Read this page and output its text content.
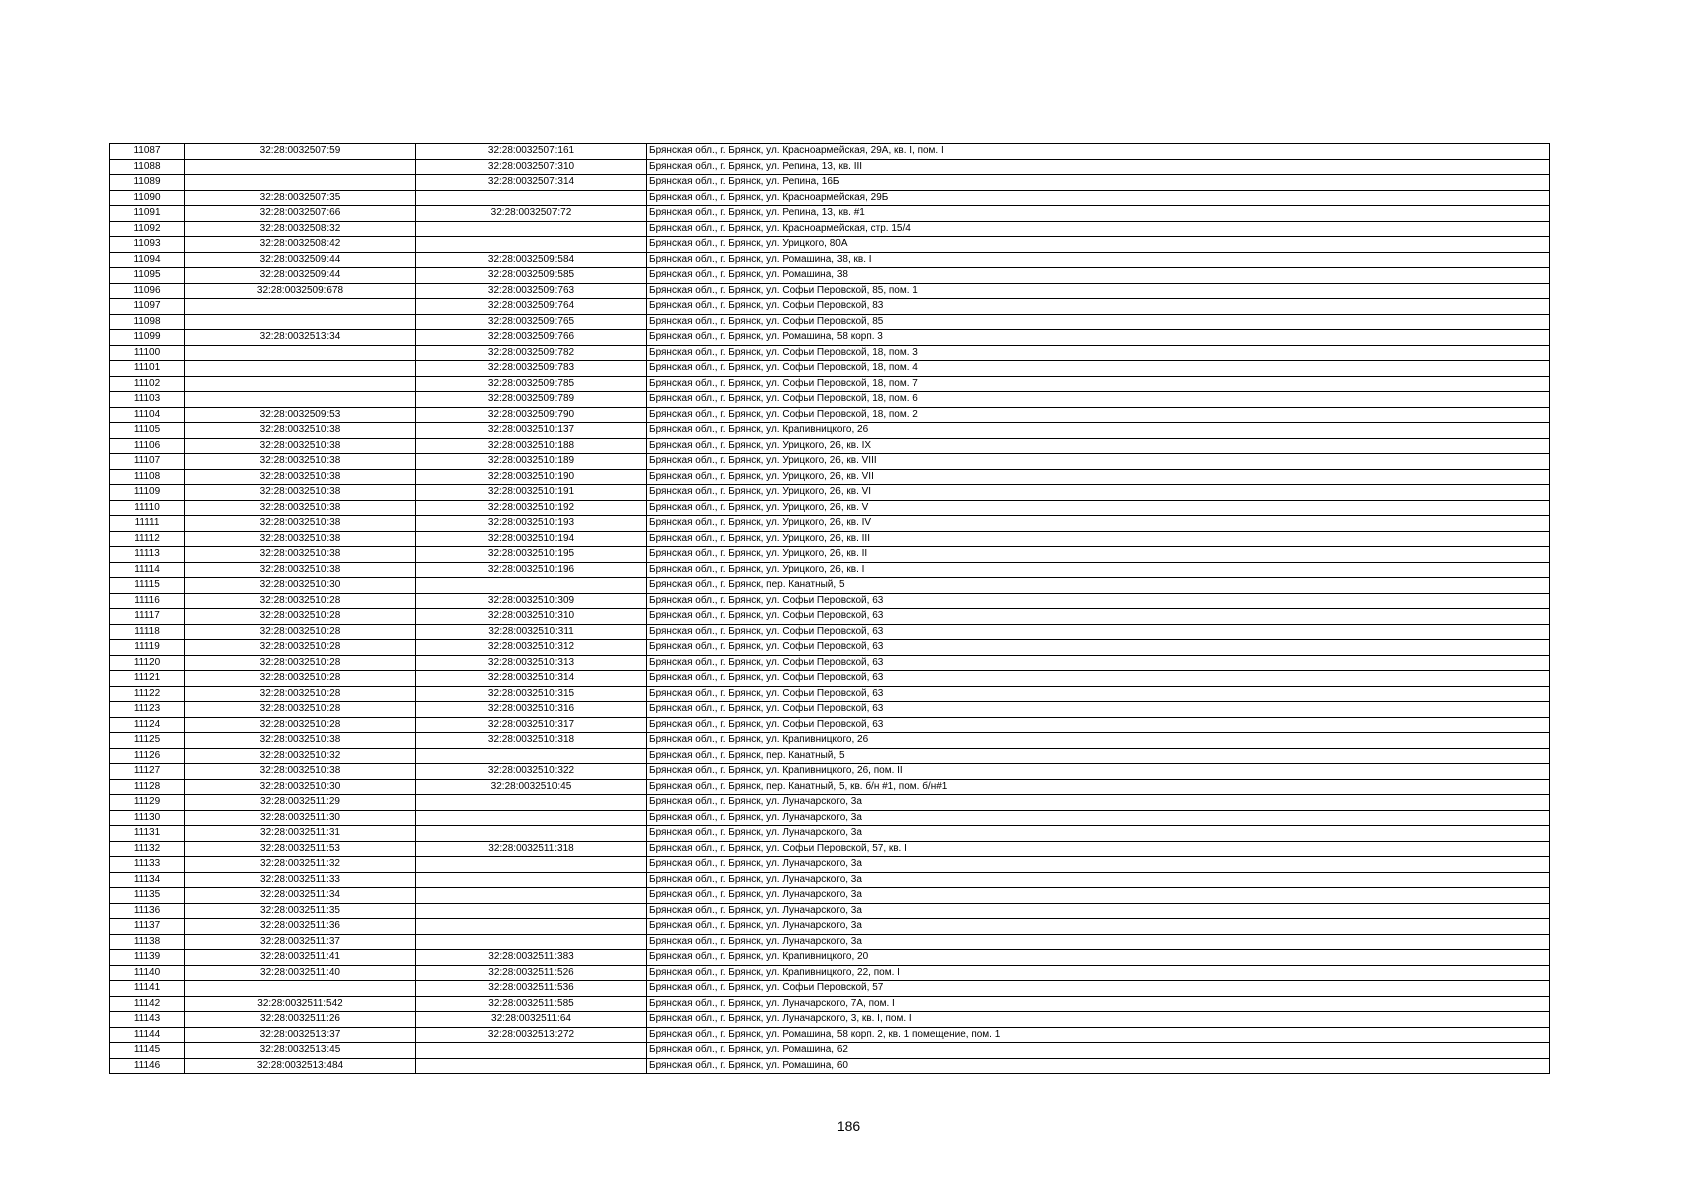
11087	32:28:0032507:59	32:28:0032507:161	Брянская обл., г. Брянск, ул. Красноармейская, 29А, кв. I, пом. I
11088		32:28:0032507:310	Брянская обл., г. Брянск, ул. Репина, 13, кв. III
11089		32:28:0032507:314	Брянская обл., г. Брянск, ул. Репина, 16Б
11090	32:28:0032507:35		Брянская обл., г. Брянск, ул. Красноармейская, 29Б
11091	32:28:0032507:66	32:28:0032507:72	Брянская обл., г. Брянск, ул. Репина, 13, кв. #1
11092	32:28:0032508:32		Брянская обл., г. Брянск, ул. Красноармейская, стр. 15/4
11093	32:28:0032508:42		Брянская обл., г. Брянск, ул. Урицкого, 80А
11094	32:28:0032509:44	32:28:0032509:584	Брянская обл., г. Брянск, ул. Ромашина, 38, кв. I
11095	32:28:0032509:44	32:28:0032509:585	Брянская обл., г. Брянск, ул. Ромашина, 38
11096	32:28:0032509:678	32:28:0032509:763	Брянская обл., г. Брянск, ул. Софьи Перовской, 85, пом. 1
11097		32:28:0032509:764	Брянская обл., г. Брянск, ул. Софьи Перовской, 83
11098		32:28:0032509:765	Брянская обл., г. Брянск, ул. Софьи Перовской, 85
11099	32:28:0032513:34	32:28:0032509:766	Брянская обл., г. Брянск, ул. Ромашина, 58 корп. 3
11100		32:28:0032509:782	Брянская обл., г. Брянск, ул. Софьи Перовской, 18, пом. 3
11101		32:28:0032509:783	Брянская обл., г. Брянск, ул. Софьи Перовской, 18, пом. 4
11102		32:28:0032509:785	Брянская обл., г. Брянск, ул. Софьи Перовской, 18, пом. 7
11103		32:28:0032509:789	Брянская обл., г. Брянск, ул. Софьи Перовской, 18, пом. 6
11104	32:28:0032509:53	32:28:0032509:790	Брянская обл., г. Брянск, ул. Софьи Перовской, 18, пом. 2
11105	32:28:0032510:38	32:28:0032510:137	Брянская обл., г. Брянск, ул. Крапивницкого, 26
11106	32:28:0032510:38	32:28:0032510:188	Брянская обл., г. Брянск, ул. Урицкого, 26, кв. IX
11107	32:28:0032510:38	32:28:0032510:189	Брянская обл., г. Брянск, ул. Урицкого, 26, кв. VIII
11108	32:28:0032510:38	32:28:0032510:190	Брянская обл., г. Брянск, ул. Урицкого, 26, кв. VII
11109	32:28:0032510:38	32:28:0032510:191	Брянская обл., г. Брянск, ул. Урицкого, 26, кв. VI
11110	32:28:0032510:38	32:28:0032510:192	Брянская обл., г. Брянск, ул. Урицкого, 26, кв. V
11111	32:28:0032510:38	32:28:0032510:193	Брянская обл., г. Брянск, ул. Урицкого, 26, кв. IV
11112	32:28:0032510:38	32:28:0032510:194	Брянская обл., г. Брянск, ул. Урицкого, 26, кв. III
11113	32:28:0032510:38	32:28:0032510:195	Брянская обл., г. Брянск, ул. Урицкого, 26, кв. II
11114	32:28:0032510:38	32:28:0032510:196	Брянская обл., г. Брянск, ул. Урицкого, 26, кв. I
11115	32:28:0032510:30		Брянская обл., г. Брянск, пер. Канатный, 5
11116	32:28:0032510:28	32:28:0032510:309	Брянская обл., г. Брянск, ул. Софьи Перовской, 63
11117	32:28:0032510:28	32:28:0032510:310	Брянская обл., г. Брянск, ул. Софьи Перовской, 63
11118	32:28:0032510:28	32:28:0032510:311	Брянская обл., г. Брянск, ул. Софьи Перовской, 63
11119	32:28:0032510:28	32:28:0032510:312	Брянская обл., г. Брянск, ул. Софьи Перовской, 63
11120	32:28:0032510:28	32:28:0032510:313	Брянская обл., г. Брянск, ул. Софьи Перовской, 63
11121	32:28:0032510:28	32:28:0032510:314	Брянская обл., г. Брянск, ул. Софьи Перовской, 63
11122	32:28:0032510:28	32:28:0032510:315	Брянская обл., г. Брянск, ул. Софьи Перовской, 63
11123	32:28:0032510:28	32:28:0032510:316	Брянская обл., г. Брянск, ул. Софьи Перовской, 63
11124	32:28:0032510:28	32:28:0032510:317	Брянская обл., г. Брянск, ул. Софьи Перовской, 63
11125	32:28:0032510:38	32:28:0032510:318	Брянская обл., г. Брянск, ул. Крапивницкого, 26
11126	32:28:0032510:32		Брянская обл., г. Брянск, пер. Канатный, 5
11127	32:28:0032510:38	32:28:0032510:322	Брянская обл., г. Брянск, ул. Крапивницкого, 26, пом. II
11128	32:28:0032510:30	32:28:0032510:45	Брянская обл., г. Брянск, пер. Канатный, 5, кв. б/н #1, пом. б/н#1
11129	32:28:0032511:29		Брянская обл., г. Брянск, ул. Луначарского, 3а
11130	32:28:0032511:30		Брянская обл., г. Брянск, ул. Луначарского, 3а
11131	32:28:0032511:31		Брянская обл., г. Брянск, ул. Луначарского, 3а
11132	32:28:0032511:53	32:28:0032511:318	Брянская обл., г. Брянск, ул. Софьи Перовской, 57, кв. I
11133	32:28:0032511:32		Брянская обл., г. Брянск, ул. Луначарского, 3а
11134	32:28:0032511:33		Брянская обл., г. Брянск, ул. Луначарского, 3а
11135	32:28:0032511:34		Брянская обл., г. Брянск, ул. Луначарского, 3а
11136	32:28:0032511:35		Брянская обл., г. Брянск, ул. Луначарского, 3а
11137	32:28:0032511:36		Брянская обл., г. Брянск, ул. Луначарского, 3а
11138	32:28:0032511:37		Брянская обл., г. Брянск, ул. Луначарского, 3а
11139	32:28:0032511:41	32:28:0032511:383	Брянская обл., г. Брянск, ул. Крапивницкого, 20
11140	32:28:0032511:40	32:28:0032511:526	Брянская обл., г. Брянск, ул. Крапивницкого, 22, пом. I
11141		32:28:0032511:536	Брянская обл., г. Брянск, ул. Софьи Перовской, 57
11142	32:28:0032511:542	32:28:0032511:585	Брянская обл., г. Брянск, ул. Луначарского, 7А, пом. I
11143	32:28:0032511:26	32:28:0032511:64	Брянская обл., г. Брянск, ул. Луначарского, 3, кв. I, пом. I
11144	32:28:0032513:37	32:28:0032513:272	Брянская обл., г. Брянск, ул. Ромашина, 58 корп. 2, кв. 1 помещение, пом. 1
11145	32:28:0032513:45		Брянская обл., г. Брянск, ул. Ромашина, 62
11146	32:28:0032513:484		Брянская обл., г. Брянск, ул. Ромашина, 60
186
